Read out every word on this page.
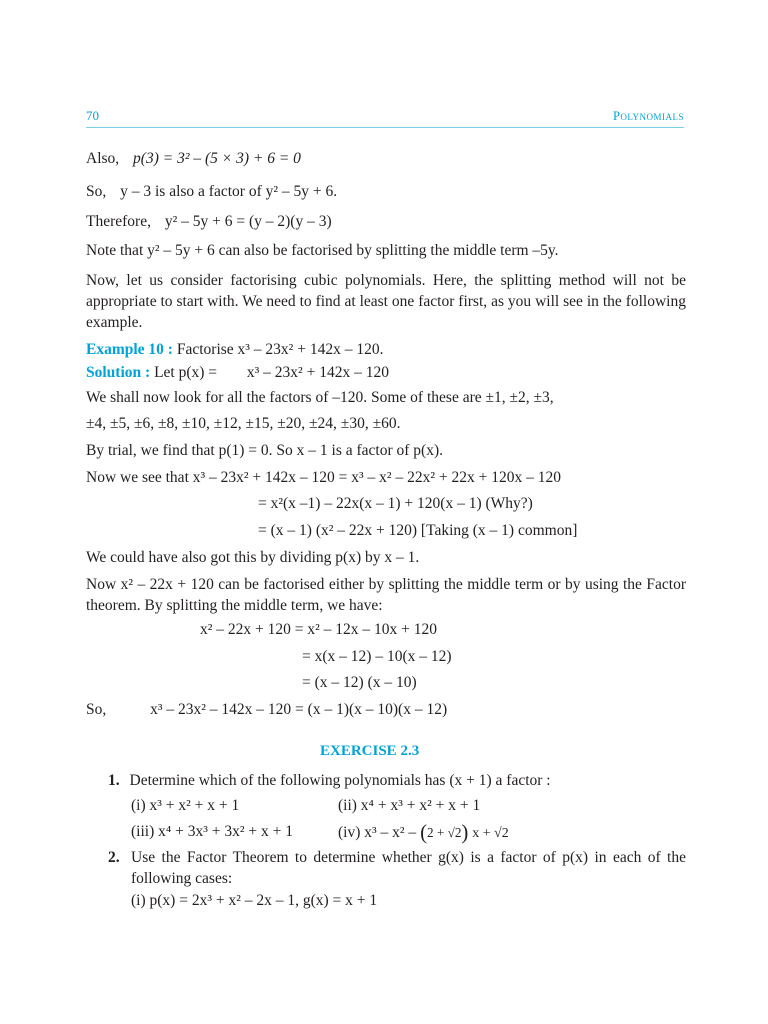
70	Polynomials
Also, p(3) = 3² – (5 × 3) + 6 = 0
So, y – 3 is also a factor of y² – 5y + 6.
Therefore, y² – 5y + 6 = (y – 2)(y – 3)
Note that y² – 5y + 6 can also be factorised by splitting the middle term –5y.
Now, let us consider factorising cubic polynomials. Here, the splitting method will not be appropriate to start with. We need to find at least one factor first, as you will see in the following example.
Example 10 : Factorise x³ – 23x² + 142x – 120.
Solution : Let p(x) = x³ – 23x² + 142x – 120
We shall now look for all the factors of –120. Some of these are ±1, ±2, ±3,
±4, ±5, ±6, ±8, ±10, ±12, ±15, ±20, ±24, ±30, ±60.
By trial, we find that p(1) = 0. So x – 1 is a factor of p(x).
Now we see that x³ – 23x² + 142x – 120 = x³ – x² – 22x² + 22x + 120x – 120
= x²(x –1) – 22x(x – 1) + 120(x – 1) (Why?)
= (x – 1) (x² – 22x + 120) [Taking (x – 1) common]
We could have also got this by dividing p(x) by x – 1.
Now x² – 22x + 120 can be factorised either by splitting the middle term or by using the Factor theorem. By splitting the middle term, we have:
x² – 22x + 120 = x² – 12x – 10x + 120
= x(x – 12) – 10(x – 12)
= (x – 12) (x – 10)
So,	x³ – 23x² – 142x – 120 = (x – 1)(x – 10)(x – 12)
EXERCISE 2.3
1. Determine which of the following polynomials has (x + 1) a factor :
(i) x³ + x² + x + 1	(ii) x⁴ + x³ + x² + x + 1
(iii) x⁴ + 3x³ + 3x² + x + 1	(iv) x³ – x² – (2 + √2) x + √2
2. Use the Factor Theorem to determine whether g(x) is a factor of p(x) in each of the following cases:
(i) p(x) = 2x³ + x² – 2x – 1, g(x) = x + 1
